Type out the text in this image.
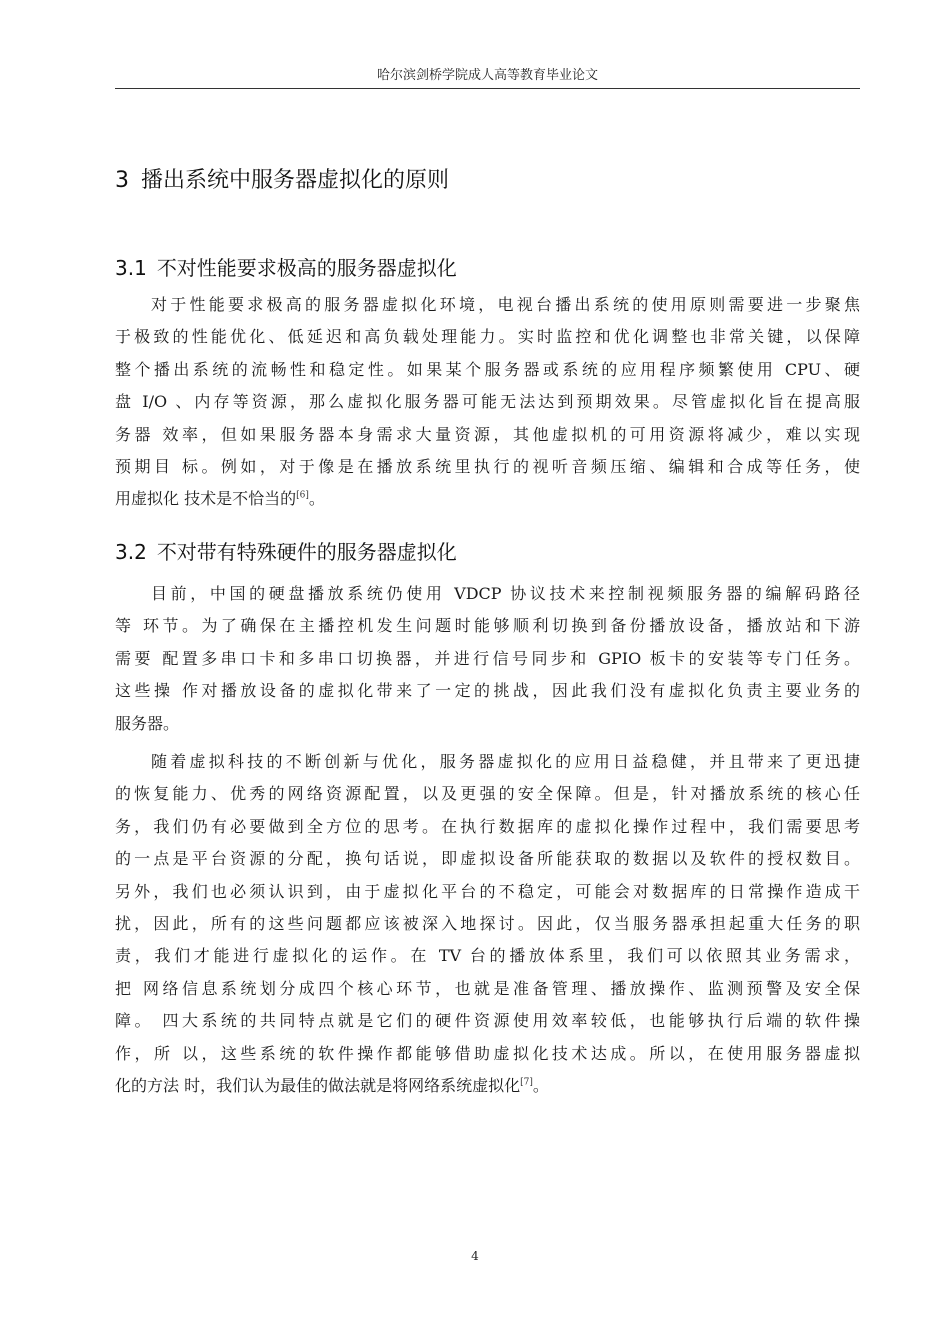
哈尔滨剑桥学院成人高等教育毕业论文
3 播出系统中服务器虚拟化的原则
3.1 不对性能要求极高的服务器虚拟化
对于性能要求极高的服务器虚拟化环境，电视台播出系统的使用原则需要进一步聚焦
于极致的性能优化、低延迟和高负载处理能力。实时监控和优化调整也非常关键，以保障
整个播出系统的流畅性和稳定性。如果某个服务器或系统的应用程序频繁使用 CPU、硬
盘 I/O 、内存等资源，那么虚拟化服务器可能无法达到预期效果。尽管虚拟化旨在提高服
务器 效率，但如果服务器本身需求大量资源，其他虚拟机的可用资源将减少，难以实现
预期目 标。例如，对于像是在播放系统里执行的视听音频压缩、编辑和合成等任务，使
用虚拟化 技术是不恰当的[6]。
3.2 不对带有特殊硬件的服务器虚拟化
目前，中国的硬盘播放系统仍使用 VDCP 协议技术来控制视频服务器的编解码路径
等 环节。为了确保在主播控机发生问题时能够顺利切换到备份播放设备，播放站和下游
需要 配置多串口卡和多串口切换器，并进行信号同步和 GPIO 板卡的安装等专门任务。
这些操 作对播放设备的虚拟化带来了一定的挑战，因此我们没有虚拟化负责主要业务的
服务器。
随着虚拟科技的不断创新与优化，服务器虚拟化的应用日益稳健，并且带来了更迅捷
的恢复能力、优秀的网络资源配置，以及更强的安全保障。但是，针对播放系统的核心任
务，我们仍有必要做到全方位的思考。在执行数据库的虚拟化操作过程中，我们需要思考
的一点是平台资源的分配，换句话说，即虚拟设备所能获取的数据以及软件的授权数目。
另外，我们也必须认识到，由于虚拟化平台的不稳定，可能会对数据库的日常操作造成干
扰，因此，所有的这些问题都应该被深入地探讨。因此，仅当服务器承担起重大任务的职
责，我们才能进行虚拟化的运作。在 TV 台的播放体系里，我们可以依照其业务需求，
把 网络信息系统划分成四个核心环节，也就是准备管理、播放操作、监测预警及安全保
障。 四大系统的共同特点就是它们的硬件资源使用效率较低，也能够执行后端的软件操
作，所 以，这些系统的软件操作都能够借助虚拟化技术达成。所以，在使用服务器虚拟
化的方法 时，我们认为最佳的做法就是将网络系统虚拟化[7]。
4
